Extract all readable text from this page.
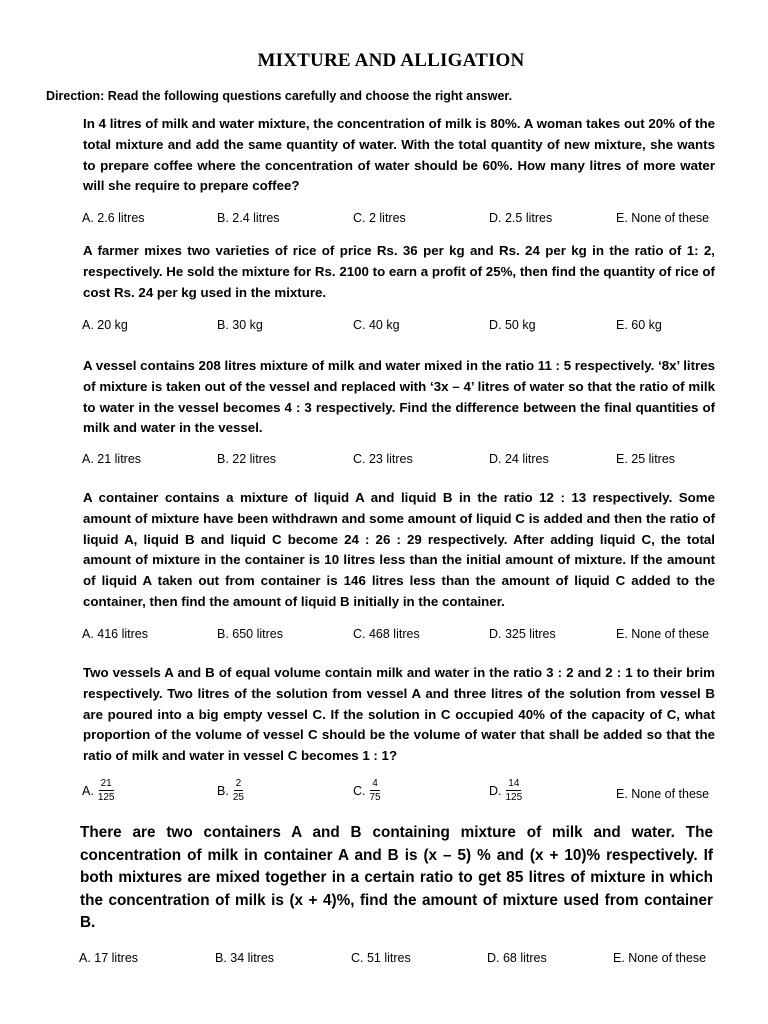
MIXTURE AND ALLIGATION
Direction: Read the following questions carefully and choose the right answer.

In 4 litres of milk and water mixture, the concentration of milk is 80%. A woman takes out 20% of the total mixture and add the same quantity of water. With the total quantity of new mixture, she wants to prepare coffee where the concentration of water should be 60%. How many litres of more water will she require to prepare coffee?

A. 2.6 litres	B. 2.4 litres	C. 2 litres	D. 2.5 litres	E. None of these

A farmer mixes two varieties of rice of price Rs. 36 per kg and Rs. 24 per kg in the ratio of 1: 2, respectively. He sold the mixture for Rs. 2100 to earn a profit of 25%, then find the quantity of rice of cost Rs. 24 per kg used in the mixture.

A. 20 kg	B. 30 kg	C. 40 kg	D. 50 kg	E. 60 kg

A vessel contains 208 litres mixture of milk and water mixed in the ratio 11 : 5 respectively. ‘8x’ litres of mixture is taken out of the vessel and replaced with ‘3x – 4’ litres of water so that the ratio of milk to water in the vessel becomes 4 : 3 respectively. Find the difference between the final quantities of milk and water in the vessel.

A. 21 litres	B. 22 litres	C. 23 litres	D. 24 litres	E. 25 litres

A container contains a mixture of liquid A and liquid B in the ratio 12 : 13 respectively. Some amount of mixture have been withdrawn and some amount of liquid C is added and then the ratio of liquid A, liquid B and liquid C become 24 : 26 : 29 respectively. After adding liquid C, the total amount of mixture in the container is 10 litres less than the initial amount of mixture. If the amount of liquid A taken out from container is 146 litres less than the amount of liquid C added to the container, then find the amount of liquid B initially in the container.

A. 416 litres	B. 650 litres	C. 468 litres	D. 325 litres	E. None of these

Two vessels A and B of equal volume contain milk and water in the ratio 3 : 2 and 2 : 1 to their brim respectively. Two litres of the solution from vessel A and three litres of the solution from vessel B are poured into a big empty vessel C. If the solution in C occupied 40% of the capacity of C, what proportion of the volume of vessel C should be the volume of water that shall be added so that the ratio of milk and water in vessel C becomes 1 : 1?

A. $\frac{21}{125}$	B. $\frac{2}{25}$	C. $\frac{4}{75}$	D. $\frac{14}{125}$	E. None of these

There are two containers A and B containing mixture of milk and water. The concentration of milk in container A and B is (x – 5) % and (x + 10)% respectively. If both mixtures are mixed together in a certain ratio to get 85 litres of mixture in which the concentration of milk is (x + 4)%, find the amount of mixture used from container B.

A. 17 litres	B. 34 litres	C. 51 litres	D. 68 litres	E. None of these
